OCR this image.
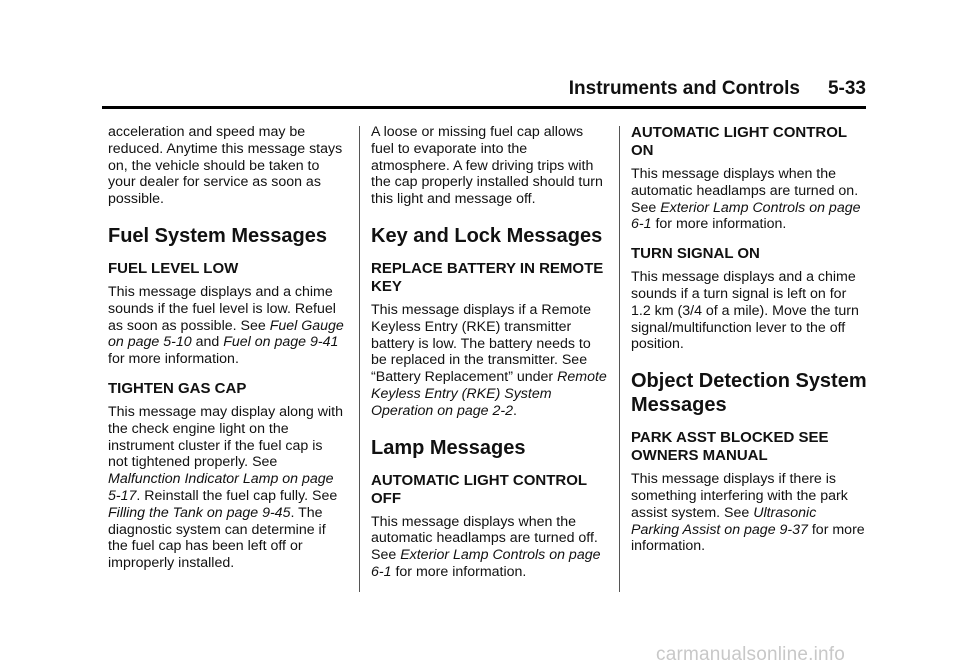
Instruments and Controls 5-33

acceleration and speed may be reduced. Anytime this message stays on, the vehicle should be taken to your dealer for service as soon as possible.

Fuel System Messages
FUEL LEVEL LOW

This message displays and a chime sounds if the fuel level is low. Refuel as soon as possible. See Fuel Gauge on page 5-10 and Fuel on page 9-41 for more information.

TIGHTEN GAS CAP

This message may display along with the check engine light on the instrument cluster if the fuel cap is not tightened properly. See Malfunction Indicator Lamp on page 5-17. Reinstall the fuel cap fully. See Filling the Tank on page 9-45. The diagnostic system can determine if the fuel cap has been left off or improperly installed.

A loose or missing fuel cap allows fuel to evaporate into the atmosphere. A few driving trips with the cap properly installed should turn this light and message off.

Key and Lock Messages
REPLACE BATTERY IN REMOTE KEY

This message displays if a Remote Keyless Entry (RKE) transmitter battery is low. The battery needs to be replaced in the transmitter. See “Battery Replacement” under Remote Keyless Entry (RKE) System Operation on page 2-2.

Lamp Messages
AUTOMATIC LIGHT CONTROL OFF

This message displays when the automatic headlamps are turned off. See Exterior Lamp Controls on page 6-1 for more information.

AUTOMATIC LIGHT CONTROL ON

This message displays when the automatic headlamps are turned on. See Exterior Lamp Controls on page 6-1 for more information.

TURN SIGNAL ON

This message displays and a chime sounds if a turn signal is left on for 1.2 km (3/4 of a mile). Move the turn signal/multifunction lever to the off position.

Object Detection System Messages
PARK ASST BLOCKED SEE OWNERS MANUAL

This message displays if there is something interfering with the park assist system. See Ultrasonic Parking Assist on page 9-37 for more information.

carmanualsonline.info
